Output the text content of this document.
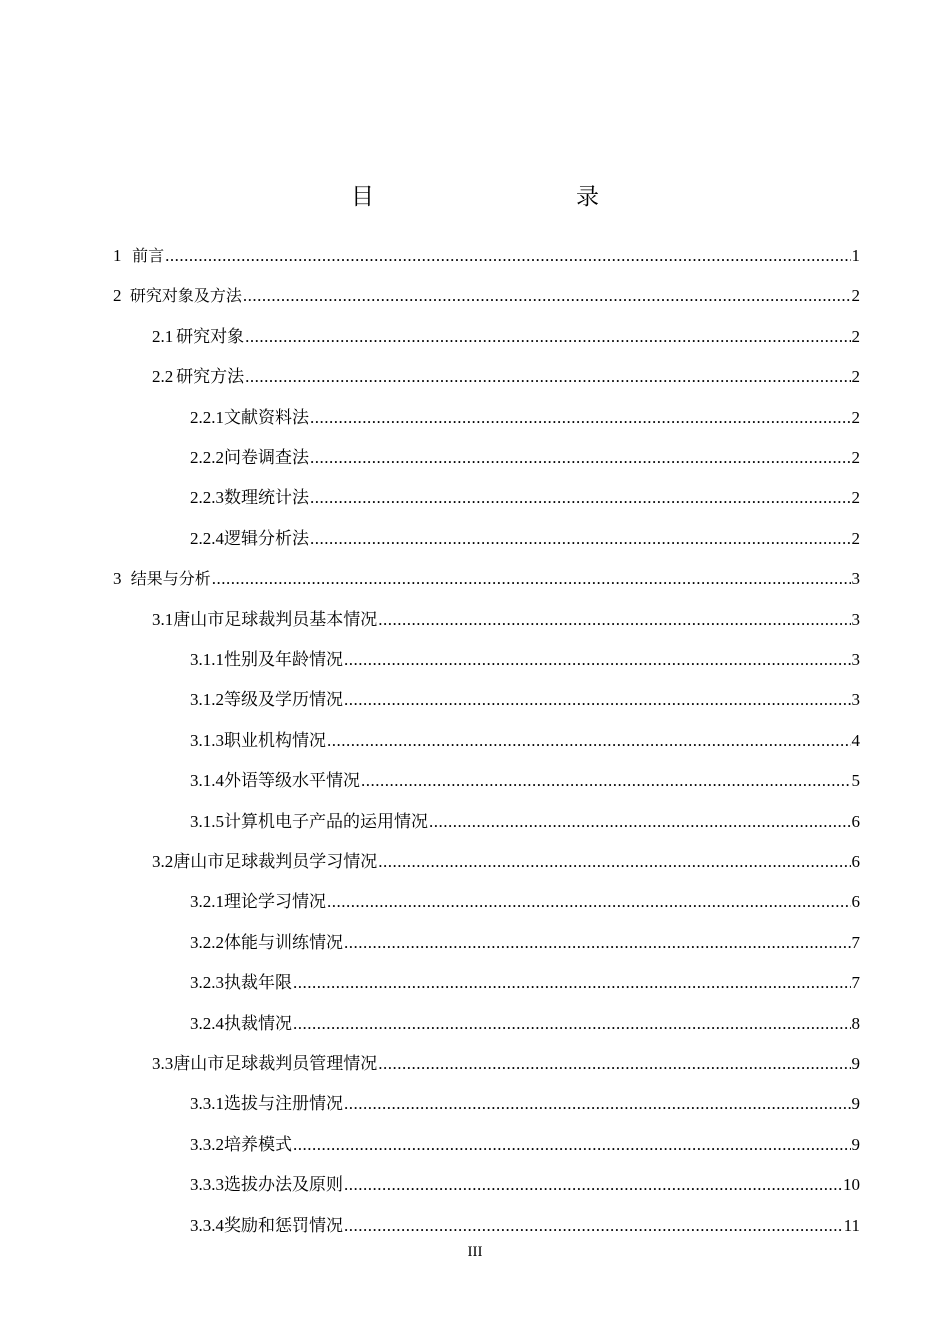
目　　录
1 前言 .....	1
2 研究对象及方法 .....	2
2.1 研究对象 .....	2
2.2 研究方法 .....	2
2.2.1 文献资料法 .....	2
2.2.2 问卷调查法 .....	2
2.2.3 数理统计法 .....	2
2.2.4 逻辑分析法 .....	2
3 结果与分析 .....	3
3.1 唐山市足球裁判员基本情况 .....	3
3.1.1 性别及年龄情况 .....	3
3.1.2 等级及学历情况 .....	3
3.1.3 职业机构情况 .....	4
3.1.4 外语等级水平情况 .....	5
3.1.5 计算机电子产品的运用情况 .....	6
3.2 唐山市足球裁判员学习情况 .....	6
3.2.1 理论学习情况 .....	6
3.2.2 体能与训练情况 .....	7
3.2.3 执裁年限 .....	7
3.2.4 执裁情况 .....	8
3.3 唐山市足球裁判员管理情况 .....	9
3.3.1 选拔与注册情况 .....	9
3.3.2 培养模式 .....	9
3.3.3 选拔办法及原则 .....	10
3.3.4 奖励和惩罚情况 .....	11
III
